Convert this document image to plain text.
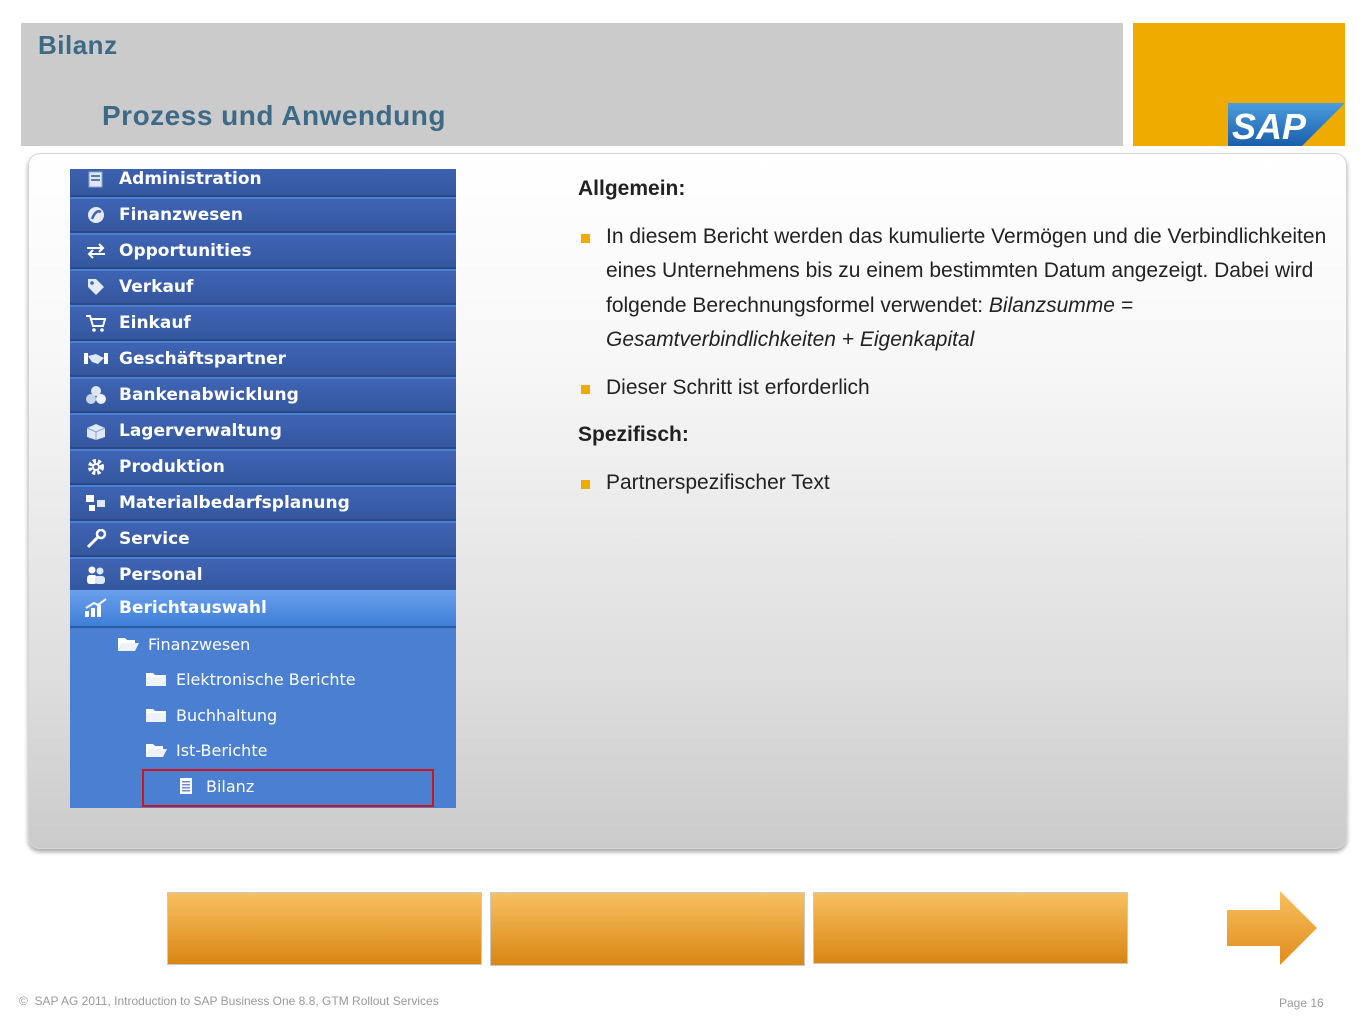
Bilanz
Prozess und Anwendung	SAP
Administration
Finanzwesen
Opportunities
Verkauf
Einkauf
Geschäftspartner
Bankenabwicklung
Lagerverwaltung
Produktion
Materialbedarfsplanung
Service
Personal
Berichtauswahl
Finanzwesen
Elektronische Berichte
Buchhaltung
Ist-Berichte
Bilanz
Allgemein:
In diesem Bericht werden das kumulierte Vermögen und die Verbindlichkeiten eines Unternehmens bis zu einem bestimmten Datum angezeigt. Dabei wird folgende Berechnungsformel verwendet: Bilanzsumme = Gesamtverbindlichkeiten + Eigenkapital
Dieser Schritt ist erforderlich
Spezifisch:
Partnerspezifischer Text
©  SAP AG 2011, Introduction to SAP Business One 8.8, GTM Rollout Services	Page 16
